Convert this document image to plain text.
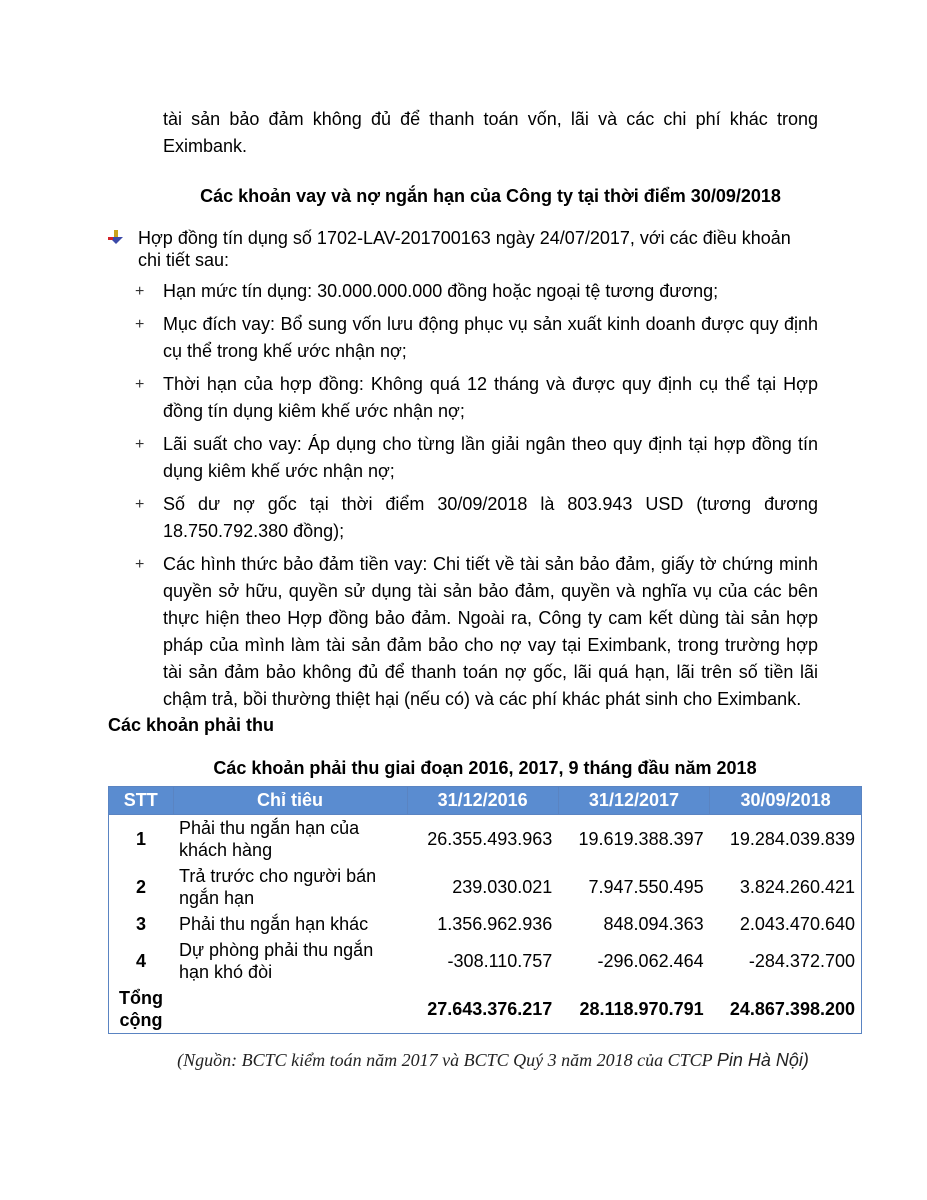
tài sản bảo đảm không đủ để thanh toán vốn, lãi và các chi phí khác trong Eximbank.
Các khoản vay và nợ ngắn hạn của Công ty tại thời điểm 30/09/2018
Hợp đồng tín dụng số 1702-LAV-201700163 ngày 24/07/2017, với các điều khoản chi tiết sau:
+ Hạn mức tín dụng: 30.000.000.000 đồng hoặc ngoại tệ tương đương;
+ Mục đích vay: Bổ sung vốn lưu động phục vụ sản xuất kinh doanh được quy định cụ thể trong khế ước nhận nợ;
+ Thời hạn của hợp đồng: Không quá 12 tháng và được quy định cụ thể tại Hợp đồng tín dụng kiêm khế ước nhận nợ;
+ Lãi suất cho vay: Áp dụng cho từng lần giải ngân theo quy định tại hợp đồng tín dụng kiêm khế ước nhận nợ;
+ Số dư nợ gốc tại thời điểm 30/09/2018 là 803.943 USD (tương đương 18.750.792.380 đồng);
+ Các hình thức bảo đảm tiền vay: Chi tiết về tài sản bảo đảm, giấy tờ chứng minh quyền sở hữu, quyền sử dụng tài sản bảo đảm, quyền và nghĩa vụ của các bên thực hiện theo Hợp đồng bảo đảm. Ngoài ra, Công ty cam kết dùng tài sản hợp pháp của mình làm tài sản đảm bảo cho nợ vay tại Eximbank, trong trường hợp tài sản đảm bảo không đủ để thanh toán nợ gốc, lãi quá hạn, lãi trên số tiền lãi chậm trả, bồi thường thiệt hại (nếu có) và các phí khác phát sinh cho Eximbank.
Các khoản phải thu
Các khoản phải thu giai đoạn 2016, 2017, 9 tháng đầu năm 2018
STT	Chỉ tiêu	31/12/2016	31/12/2017	30/09/2018
1	Phải thu ngắn hạn của khách hàng	26.355.493.963	19.619.388.397	19.284.039.839
2	Trả trước cho người bán ngắn hạn	239.030.021	7.947.550.495	3.824.260.421
3	Phải thu ngắn hạn khác	1.356.962.936	848.094.363	2.043.470.640
4	Dự phòng phải thu ngắn hạn khó đòi	-308.110.757	-296.062.464	-284.372.700
Tổng cộng		27.643.376.217	28.118.970.791	24.867.398.200
(Nguồn: BCTC kiểm toán năm 2017 và BCTC Quý 3 năm 2018 của CTCP Pin Hà Nội)
